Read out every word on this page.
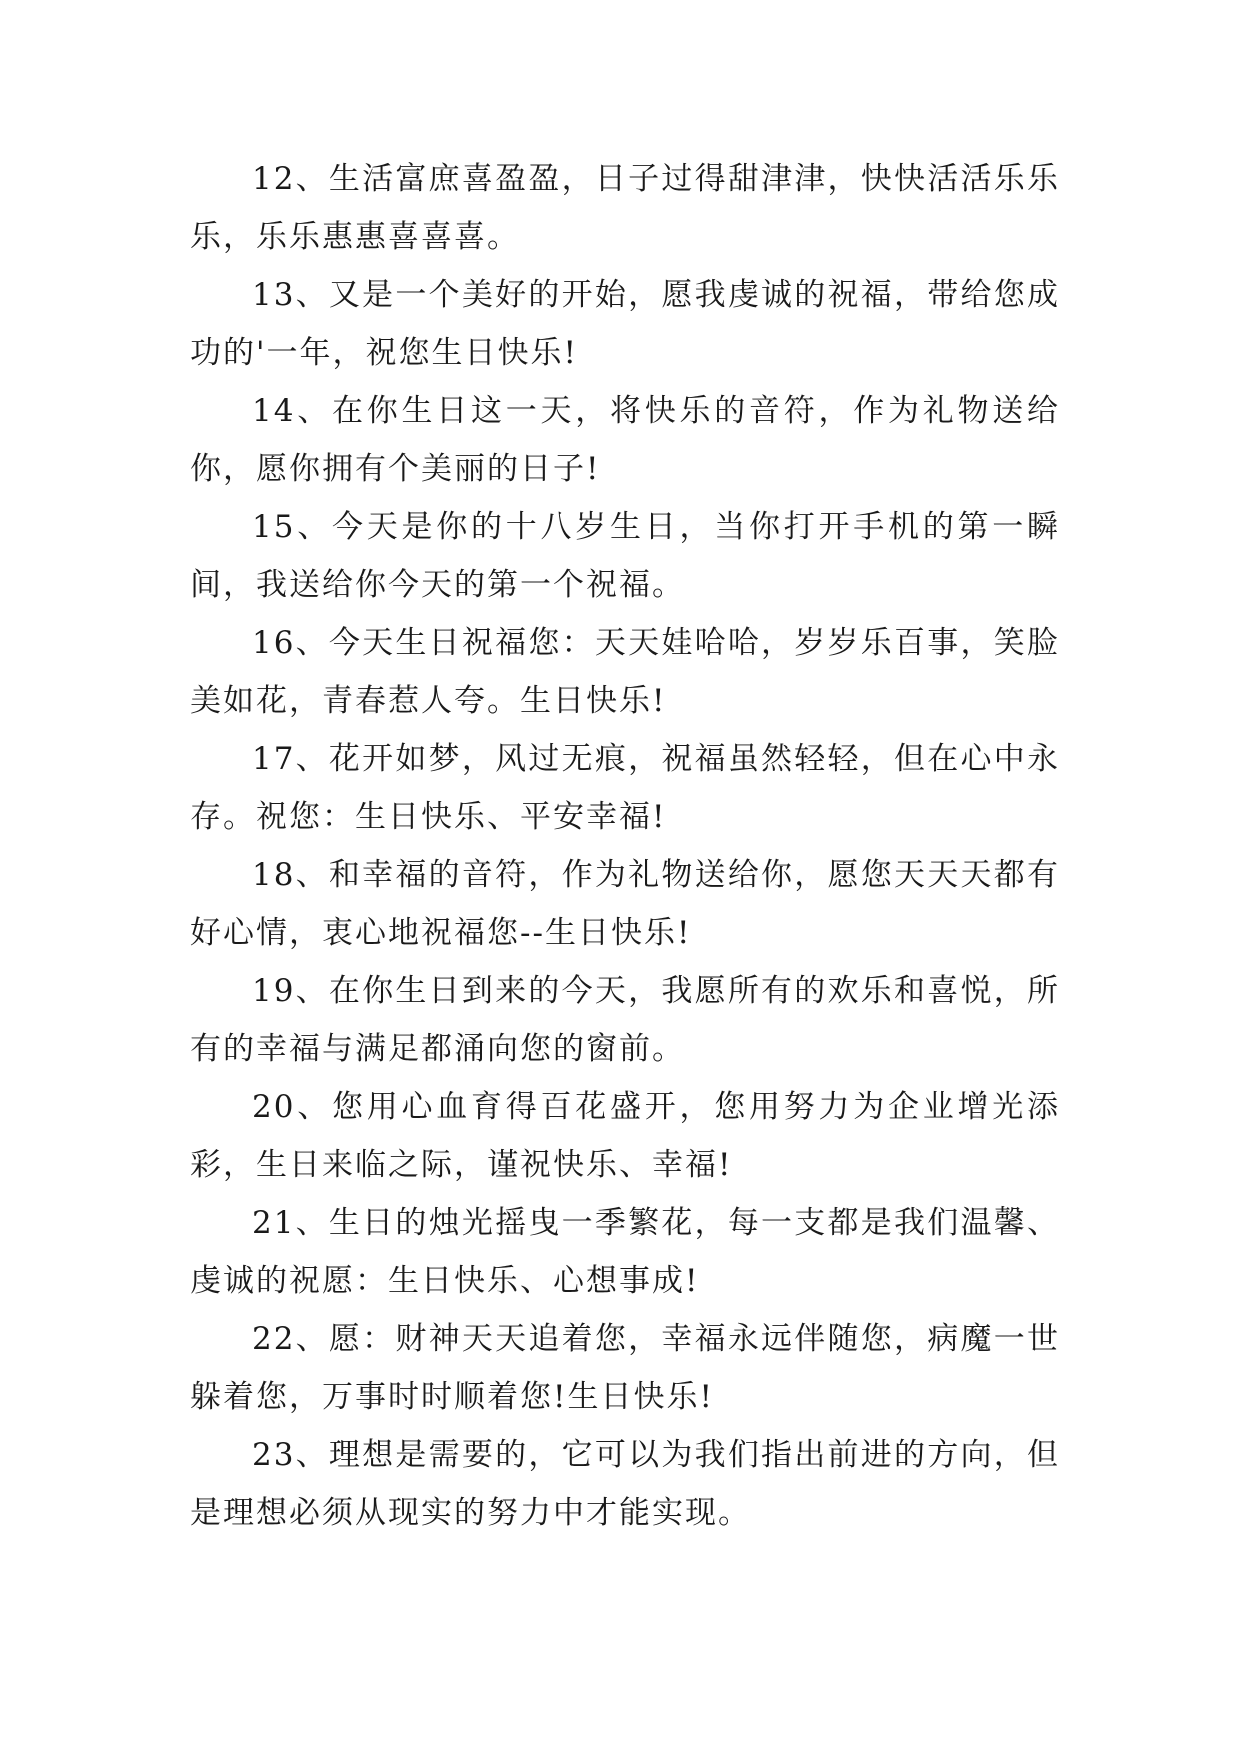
12、生活富庶喜盈盈，日子过得甜津津，快快活活乐乐乐，乐乐惠惠喜喜喜。

13、又是一个美好的开始，愿我虔诚的祝福，带给您成功的'一年，祝您生日快乐!

14、在你生日这一天，将快乐的音符，作为礼物送给你，愿你拥有个美丽的日子!

15、今天是你的十八岁生日，当你打开手机的第一瞬间，我送给你今天的第一个祝福。

16、今天生日祝福您：天天娃哈哈，岁岁乐百事，笑脸美如花，青春惹人夸。生日快乐!

17、花开如梦，风过无痕，祝福虽然轻轻，但在心中永存。祝您：生日快乐、平安幸福!

18、和幸福的音符，作为礼物送给你，愿您天天天都有好心情，衷心地祝福您--生日快乐!

19、在你生日到来的今天，我愿所有的欢乐和喜悦，所有的幸福与满足都涌向您的窗前。

20、您用心血育得百花盛开，您用努力为企业增光添彩，生日来临之际，谨祝快乐、幸福!

21、生日的烛光摇曳一季繁花，每一支都是我们温馨、虔诚的祝愿：生日快乐、心想事成!

22、愿：财神天天追着您，幸福永远伴随您，病魔一世躲着您，万事时时顺着您!生日快乐!

23、理想是需要的，它可以为我们指出前进的方向，但是理想必须从现实的努力中才能实现。
